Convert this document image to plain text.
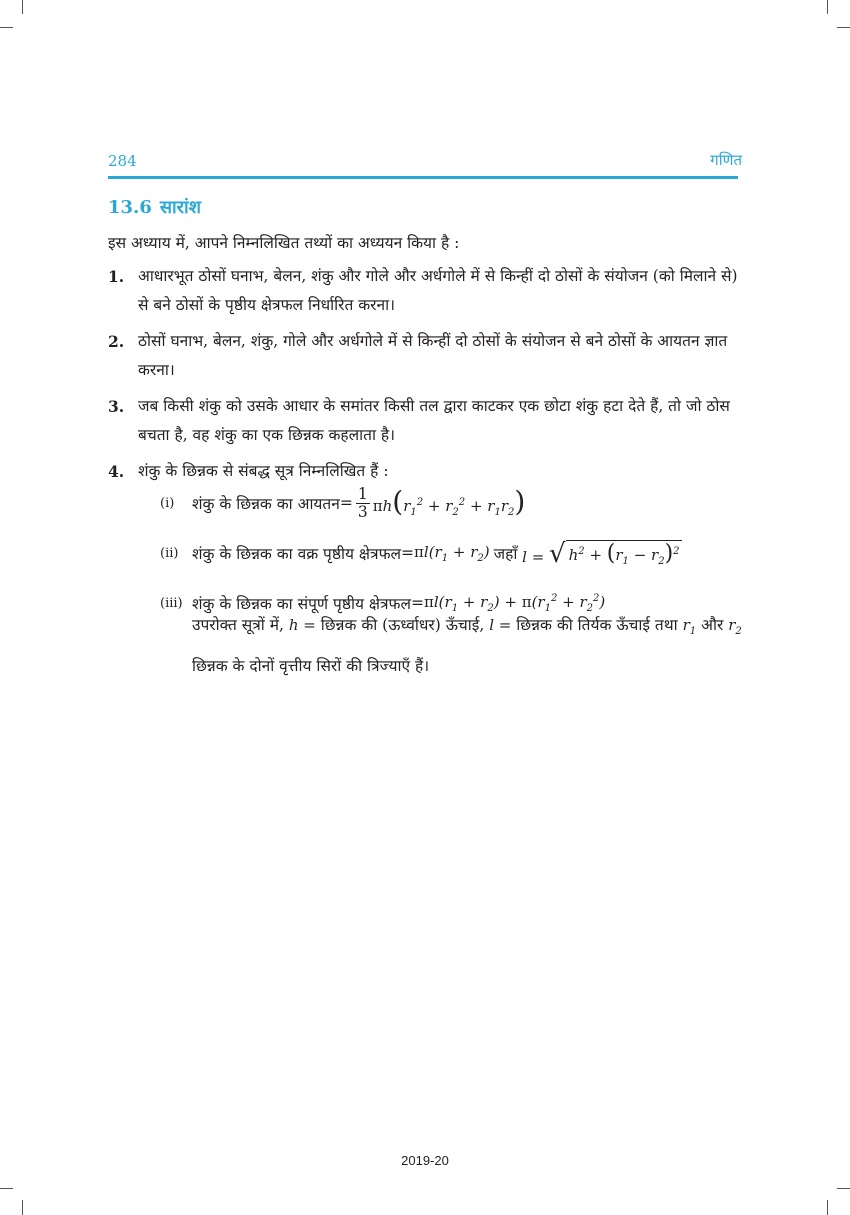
284	गणित
13.6 सारांश
इस अध्याय में, आपने निम्नलिखित तथ्यों का अध्ययन किया है :
1. आधारभूत ठोसों घनाभ, बेलन, शंकु और गोले और अर्धगोले में से किन्हीं दो ठोसों के संयोजन (को मिलाने से) से बने ठोसों के पृष्ठीय क्षेत्रफल निर्धारित करना।
2. ठोसों घनाभ, बेलन, शंकु, गोले और अर्धगोले में से किन्हीं दो ठोसों के संयोजन से बने ठोसों के आयतन ज्ञात करना।
3. जब किसी शंकु को उसके आधार के समांतर किसी तल द्वारा काटकर एक छोटा शंकु हटा देते हैं, तो जो ठोस बचता है, वह शंकु का एक छिन्नक कहलाता है।
4. शंकु के छिन्नक से संबद्ध सूत्र निम्नलिखित हैं :
(i)	शंकु के छिन्नक का आयतन = $\frac{1}{3} \pi h(r_1^2 + r_2^2 + r_1r_2)$
(ii) शंकु के छिन्नक का वक्र पृष्ठीय क्षेत्रफल = $\pi l(r_1 + r_2)$ जहाँ l = √ $h^2 + (r_1 - r_2)^2$
(iii) शंकु के छिन्नक का संपूर्ण पृष्ठीय क्षेत्रफल = $\pi l(r_1 + r_2) + \pi(r_1^2 + r_2^2)$
उपरोक्त सूत्रों में, h = छिन्नक की (ऊर्ध्वाधर) ऊँचाई, l = छिन्नक की तिर्यक ऊँचाई तथा $r_1$ और $r_2$ छिन्नक के दोनों वृत्तीय सिरों की त्रिज्याएँ हैं।
2019-20
